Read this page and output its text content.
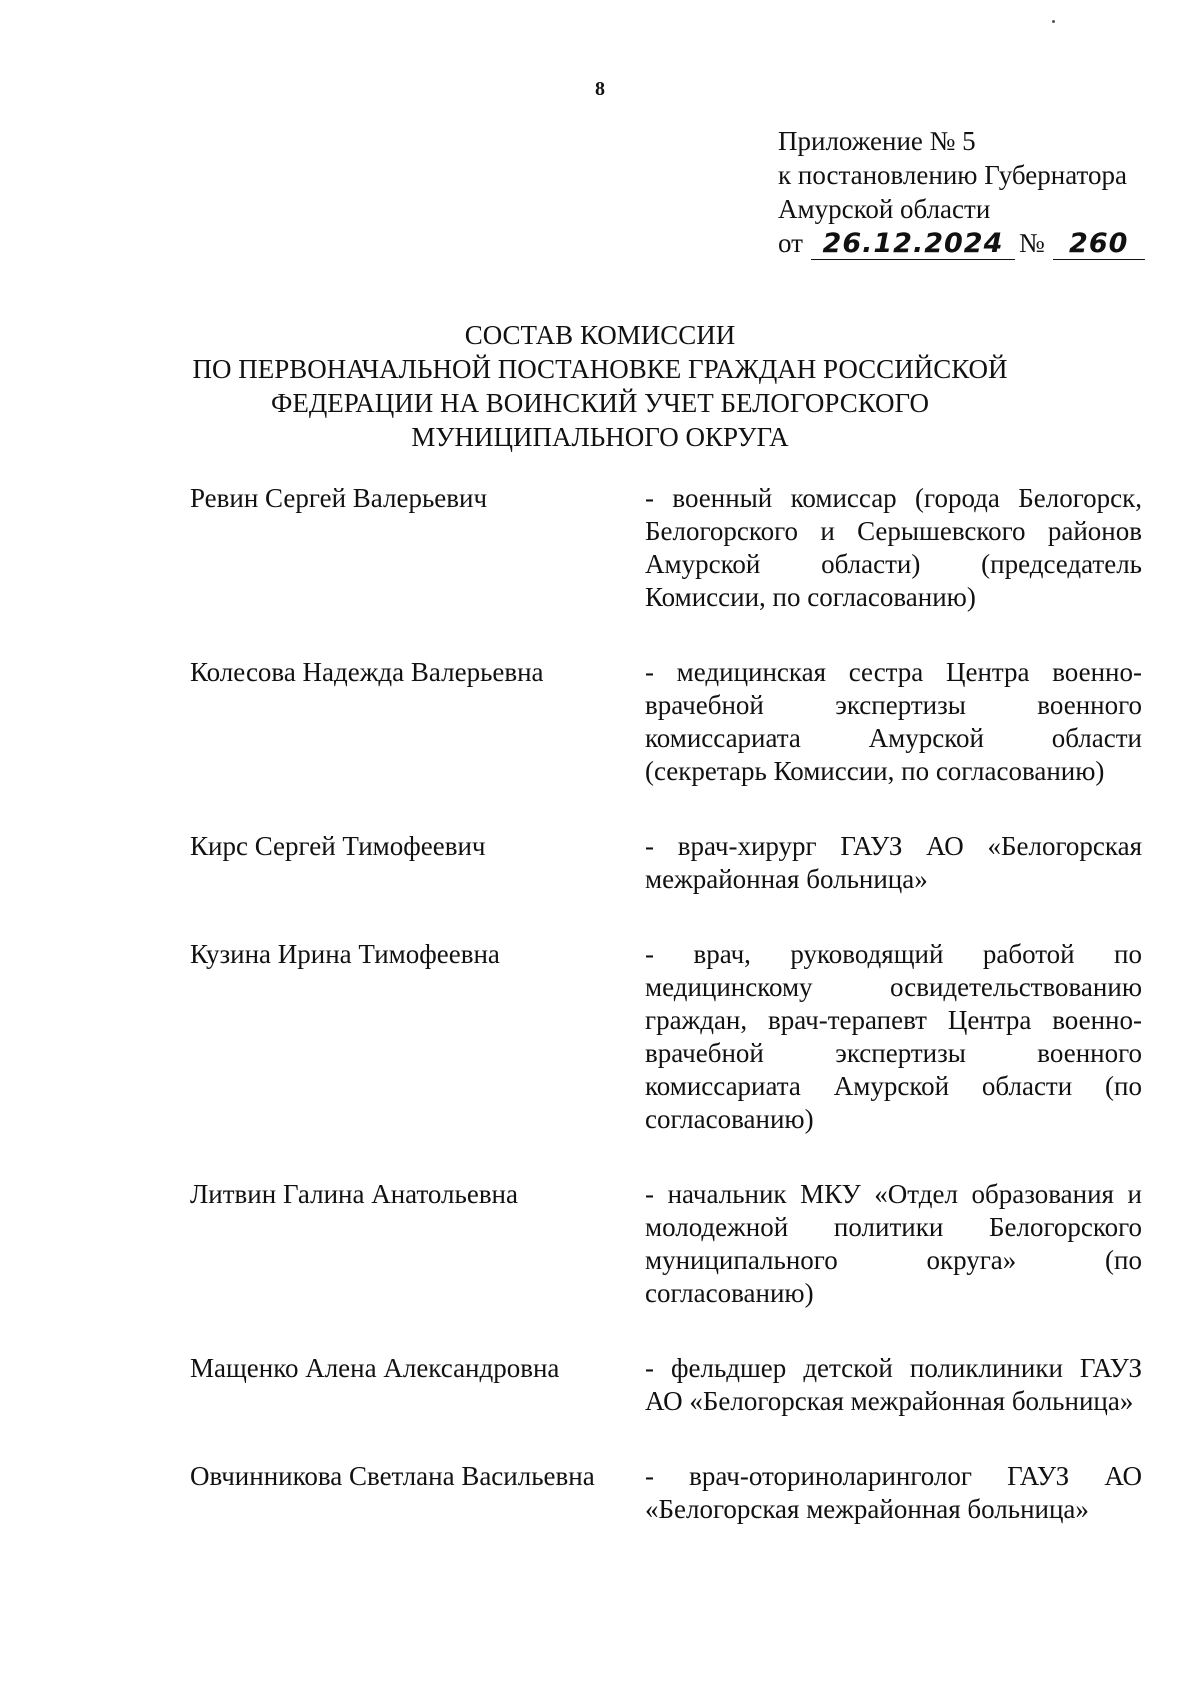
8
Приложение № 5
к постановлению Губернатора
Амурской области
от 26.12.2024 № 260
СОСТАВ КОМИССИИ
ПО ПЕРВОНАЧАЛЬНОЙ ПОСТАНОВКЕ ГРАЖДАН РОССИЙСКОЙ
ФЕДЕРАЦИИ НА ВОИНСКИЙ УЧЕТ БЕЛОГОРСКОГО
МУНИЦИПАЛЬНОГО ОКРУГА
Ревин Сергей Валерьевич	- военный комиссар (города Белогорск, Белогорского и Серышевского районов Амурской области) (председатель Комиссии, по согласованию)
Колесова Надежда Валерьевна	- медицинская сестра Центра военно-врачебной экспертизы военного комиссариата Амурской области (секретарь Комиссии, по согласованию)
Кирс Сергей Тимофеевич	- врач-хирург ГАУЗ АО «Белогорская межрайонная больница»
Кузина Ирина Тимофеевна	- врач, руководящий работой по медицинскому освидетельствованию граждан, врач-терапевт Центра военно-врачебной экспертизы военного комиссариата Амурской области (по согласованию)
Литвин Галина Анатольевна	- начальник МКУ «Отдел образования и молодежной политики Белогорского муниципального округа» (по согласованию)
Мащенко Алена Александровна	- фельдшер детской поликлиники ГАУЗ АО «Белогорская межрайонная больница»
Овчинникова Светлана Васильевна	- врач-оториноларинголог ГАУЗ АО «Белогорская межрайонная больница»
